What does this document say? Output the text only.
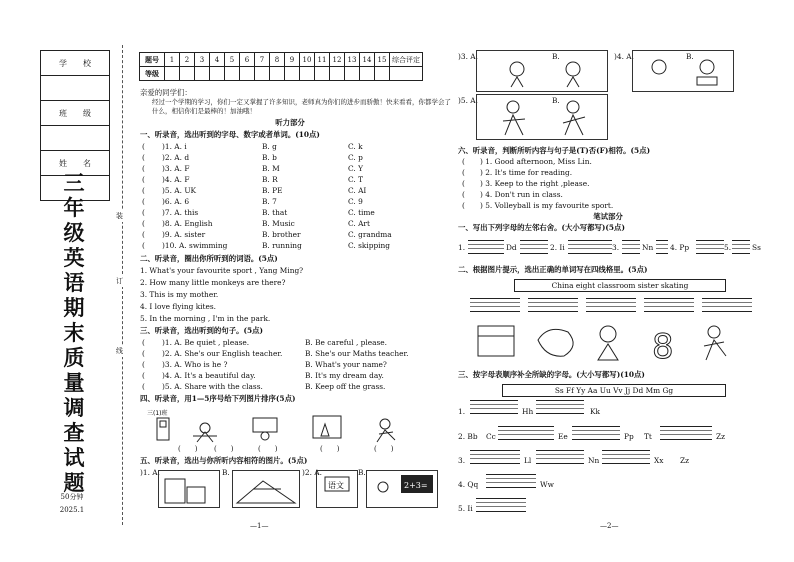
学　　校

班　　级

姓　　名

三
年
级
英
语
期
末
质
量
调
查
试
题
50分钟
2025.1
装
订
线
题号	1	2	3	4	5	6	7	8	9	10	11	12	13	14	15	综合评定
等级																
亲爱的同学们：
经过一个学期的学习，你们一定又掌握了许多知识，老师真为你们的进步而骄傲！快来看看，你都学会了什么，相信你们是最棒的！加油哦！
听力部分
一、听录音，选出听到的字母、数字或者单词。(10点)
( )1. A. i	B. g	C. k
( )2. A. d	B. b	C. p
( )3. A. F	B. M	C. Y
( )4. A. F	B. R	C. T
( )5. A. UK	B. PE	C. AI
( )6. A. 6	B. 7	C. 9
( )7. A. this	B. that	C. time
( )8. A. English	B. Music	C. Art
( )9. A. sister	B. brother	C. grandma
( )10. A. swimming	B. running	C. skipping
二、听录音，圈出你所听到的词语。(5点)
1. What's your favourite sport , Yang Ming?
2. How many little monkeys are there?
3. This is my mother.
4. I love flying kites.
5. In the morning , I'm in the park.
三、听录音，选出听到的句子。(5点)
( )1. A. Be quiet , please.	B. Be careful , please.
( )2. A. She's our English teacher.	B. She's our Maths teacher.
( )3. A. Who is he ?	B. What's your name?
( )4. A. It's a beautiful day.	B. It's my dream day.
( )5. A. Share with the class.	B. Keep off the grass.
四、听录音，用1—5序号给下列图片排序(5点)
三(1)班
(　　) (　　)	(　　)	(　　)	(　　)
五、听录音，选出与你所听内容相符的图片。(5点)
)1. A.	B.	)2. A.
语文
B.
2+3=
—1—
)3. A.	B.	)4. A.	B.
)5. A.	B.
六、听录音，判断所听内容与句子是(T)否(F)相符。(5点)
( ) 1. Good afternoon, Miss Lin.
( ) 2. It's time for reading.
( ) 3. Keep to the right ,please.
( ) 4. Don't run in class.
( ) 5. Volleyball is my favourite sport.
笔试部分
一、写出下列字母的左邻右舍。(大小写都写)(5点)
1.	Dd	2. Ii	3.	Nn 4. Pp	5.	Ss
二、根据图片提示，选出正确的单词写在四线格里。(5点)
China eight classroom sister skating
8
三、按字母表顺序补全所缺的字母。(大小写都写)(10点)
Ss Ff Yy Aa Uu Vv Jj Dd Mm Gg
1.	Hh	Kk
2. Bb Cc	Ee	Pp Tt	Zz
3.	Ll	Nn	Xx Zz
4. Qq	Ww
5. Ii
—2—
